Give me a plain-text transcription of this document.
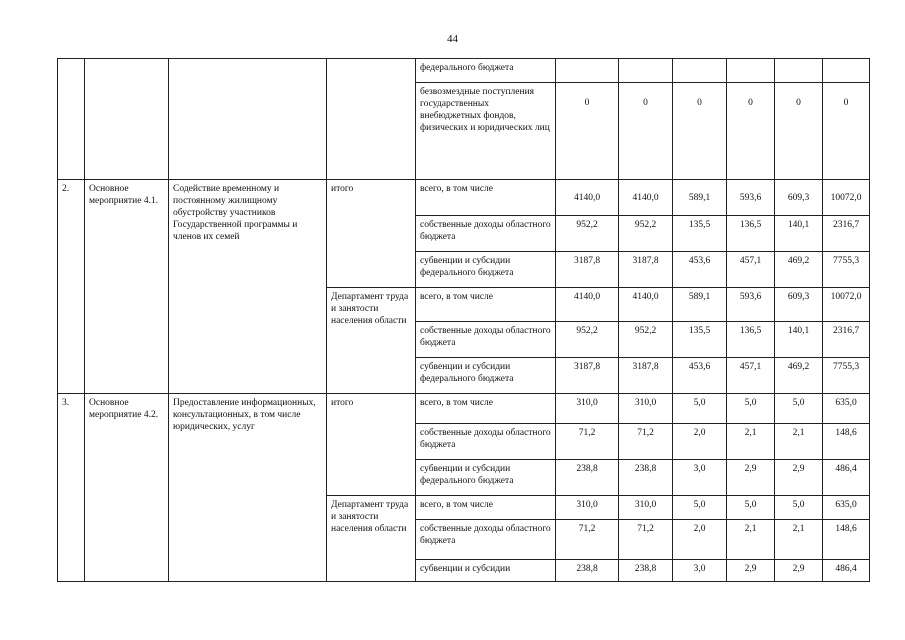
44

				федерального бюджета						

				безвозмездные поступления государственных внебюджетных фондов, физических и юридических лиц	0	0	0	0	0	0
2.	Основное мероприятие 4.1.	Содействие временному и постоянному жилищному обустройству участников Государственной программы и членов их семей	итого	всего, в том числе	4140,0	4140,0	589,1	593,6	609,3	10072,0
				собственные доходы областного бюджета	952,2	952,2	135,5	136,5	140,1	2316,7
				субвенции и субсидии федерального бюджета	3187,8	3187,8	453,6	457,1	469,2	7755,3
			Департамент труда и занятости населения области	всего, в том числе	4140,0	4140,0	589,1	593,6	609,3	10072,0
				собственные доходы областного бюджета	952,2	952,2	135,5	136,5	140,1	2316,7
				субвенции и субсидии федерального бюджета	3187,8	3187,8	453,6	457,1	469,2	7755,3
3.	Основное мероприятие 4.2.	Предоставление информационных, консультационных, в том числе юридических, услуг	итого	всего, в том числе	310,0	310,0	5,0	5,0	5,0	635,0
				собственные доходы областного бюджета	71,2	71,2	2,0	2,1	2,1	148,6
				субвенции и субсидии федерального бюджета	238,8	238,8	3,0	2,9	2,9	486,4
			Департамент труда и занятости населения области	всего, в том числе	310,0	310,0	5,0	5,0	5,0	635,0
				собственные доходы областного бюджета	71,2	71,2	2,0	2,1	2,1	148,6
				субвенции и субсидии	238,8	238,8	3,0	2,9	2,9	486,4
